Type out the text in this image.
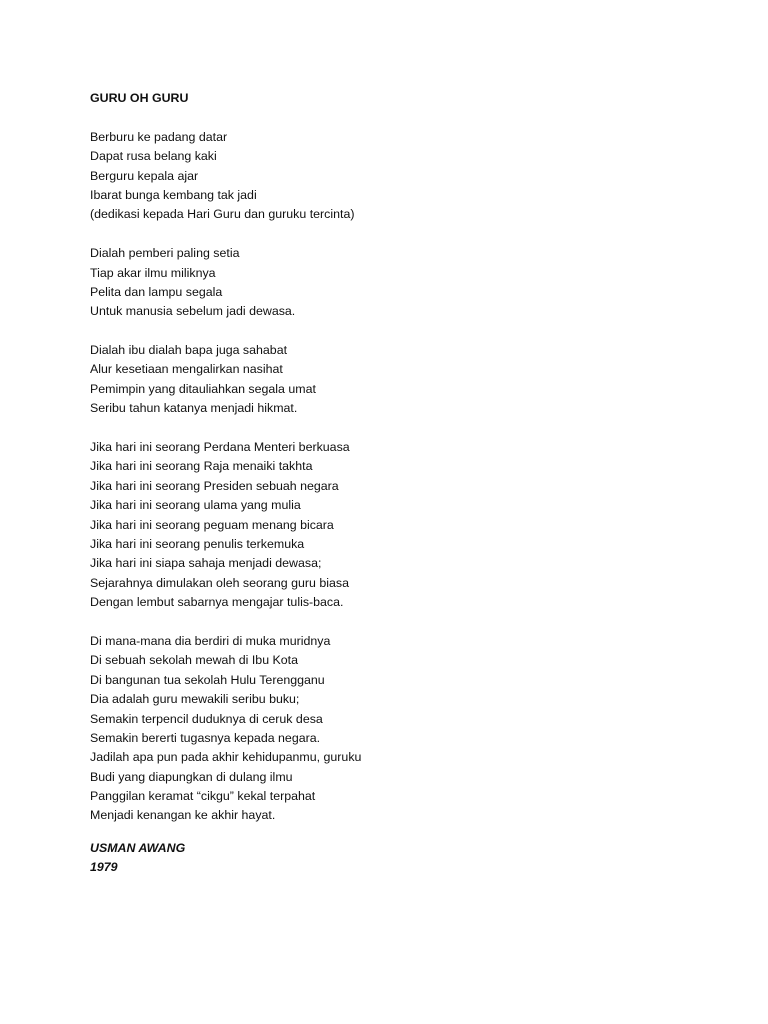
GURU OH GURU
Berburu ke padang datar
Dapat rusa belang kaki
Berguru kepala ajar
Ibarat bunga kembang tak jadi
(dedikasi kepada Hari Guru dan guruku tercinta)
Dialah pemberi paling setia
Tiap akar ilmu miliknya
Pelita dan lampu segala
Untuk manusia sebelum jadi dewasa.
Dialah ibu dialah bapa juga sahabat
Alur kesetiaan mengalirkan nasihat
Pemimpin yang ditauliahkan segala umat
Seribu tahun katanya menjadi hikmat.
Jika hari ini seorang Perdana Menteri berkuasa
Jika hari ini seorang Raja menaiki takhta
Jika hari ini seorang Presiden sebuah negara
Jika hari ini seorang ulama yang mulia
Jika hari ini seorang peguam menang bicara
Jika hari ini seorang penulis terkemuka
Jika hari ini siapa sahaja menjadi dewasa;
Sejarahnya dimulakan oleh seorang guru biasa
Dengan lembut sabarnya mengajar tulis-baca.
Di mana-mana dia berdiri di muka muridnya
Di sebuah sekolah mewah di Ibu Kota
Di bangunan tua sekolah Hulu Terengganu
Dia adalah guru mewakili seribu buku;
Semakin terpencil duduknya di ceruk desa
Semakin bererti tugasnya kepada negara.
Jadilah apa pun pada akhir kehidupanmu, guruku
Budi yang diapungkan di dulang ilmu
Panggilan keramat “cikgu” kekal terpahat
Menjadi kenangan ke akhir hayat.
USMAN AWANG
1979
